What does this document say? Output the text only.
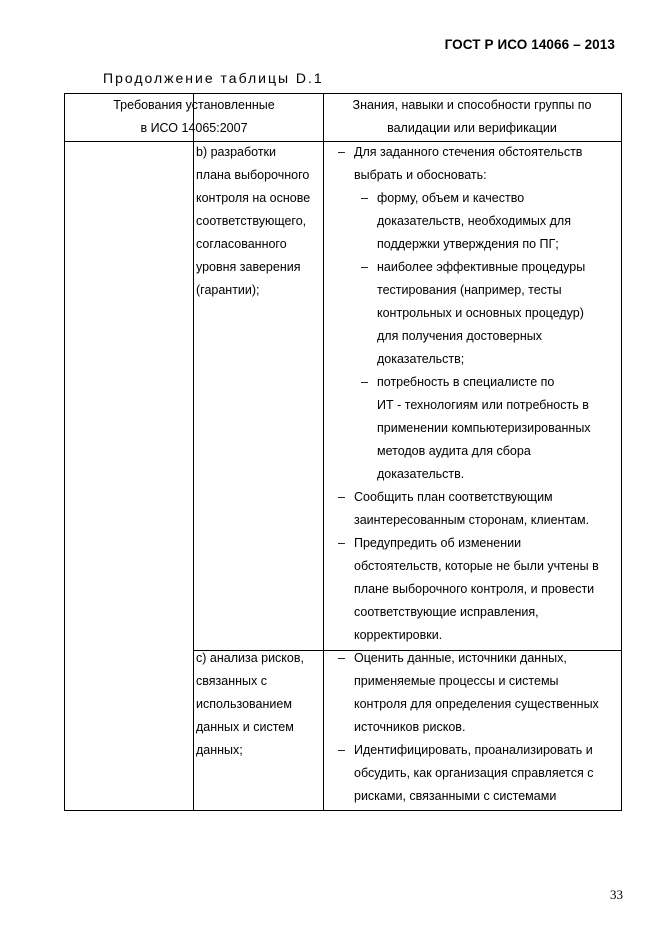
ГОСТ Р ИСО 14066 – 2013
Продолжение таблицы D.1
Требования установленные
в ИСО 14065:2007
Знания, навыки и способности группы по
валидации или верификации
b) разработки
плана выборочного
контроля на основе
соответствующего,
согласованного
уровня заверения
(гарантии);
– Для заданного стечения обстоятельств
выбрать и обосновать:
– форму, объем и качество
доказательств, необходимых для
поддержки утверждения по ПГ;
– наиболее эффективные процедуры
тестирования (например, тесты
контрольных и основных процедур)
для получения достоверных
доказательств;
– потребность в специалисте по
ИТ - технологиям или потребность в
применении компьютеризированных
методов аудита для сбора
доказательств.
– Сообщить план соответствующим
заинтересованным сторонам, клиентам.
– Предупредить об изменении
обстоятельств, которые не были учтены в
плане выборочного контроля, и провести
соответствующие исправления,
корректировки.
c) анализа рисков,
связанных с
использованием
данных и систем
данных;
– Оценить данные, источники данных,
применяемые процессы и системы
контроля для определения существенных
источников рисков.
– Идентифицировать, проанализировать и
обсудить, как организация справляется с
рисками, связанными с системами
33
